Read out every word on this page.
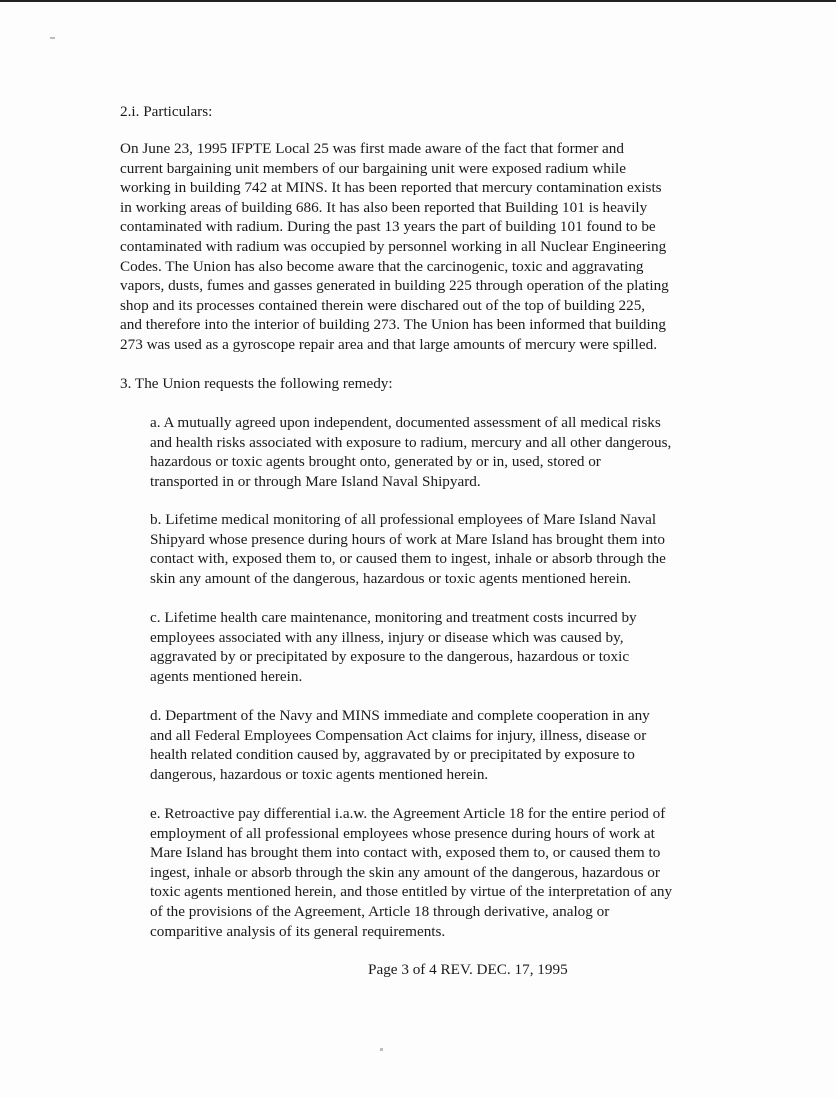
2.i. Particulars:
On June 23, 1995 IFPTE Local 25 was first made aware of the fact that former and
current bargaining unit members of our bargaining unit were exposed radium while
working in building 742 at MINS. It has been reported that mercury contamination exists
in working areas of building 686. It has also been reported that Building 101 is heavily
contaminated with radium. During the past 13 years the part of building 101 found to be
contaminated with radium was occupied by personnel working in all Nuclear Engineering
Codes. The Union has also become aware that the carcinogenic, toxic and aggravating
vapors, dusts, fumes and gasses generated in building 225 through operation of the plating
shop and its processes contained therein were dischared out of the top of building 225,
and therefore into the interior of building 273. The Union has been informed that building
273 was used as a gyroscope repair area and that large amounts of mercury were spilled.
3. The Union requests the following remedy:
a. A mutually agreed upon independent, documented assessment of all medical risks
and health risks associated with exposure to radium, mercury and all other dangerous,
hazardous or toxic agents brought onto, generated by or in, used, stored or
transported in or through Mare Island Naval Shipyard.
b. Lifetime medical monitoring of all professional employees of Mare Island Naval
Shipyard whose presence during hours of work at Mare Island has brought them into
contact with, exposed them to, or caused them to ingest, inhale or absorb through the
skin any amount of the dangerous, hazardous or toxic agents mentioned herein.
c. Lifetime health care maintenance, monitoring and treatment costs incurred by
employees associated with any illness, injury or disease which was caused by,
aggravated by or precipitated by exposure to the dangerous, hazardous or toxic
agents mentioned herein.
d. Department of the Navy and MINS immediate and complete cooperation in any
and all Federal Employees Compensation Act claims for injury, illness, disease or
health related condition caused by, aggravated by or precipitated by exposure to
dangerous, hazardous or toxic agents mentioned herein.
e. Retroactive pay differential i.a.w. the Agreement Article 18 for the entire period of
employment of all professional employees whose presence during hours of work at
Mare Island has brought them into contact with, exposed them to, or caused them to
ingest, inhale or absorb through the skin any amount of the dangerous, hazardous or
toxic agents mentioned herein, and those entitled by virtue of the interpretation of any
of the provisions of the Agreement, Article 18 through derivative, analog or
comparitive analysis of its general requirements.
Page 3 of 4 REV. DEC. 17, 1995
